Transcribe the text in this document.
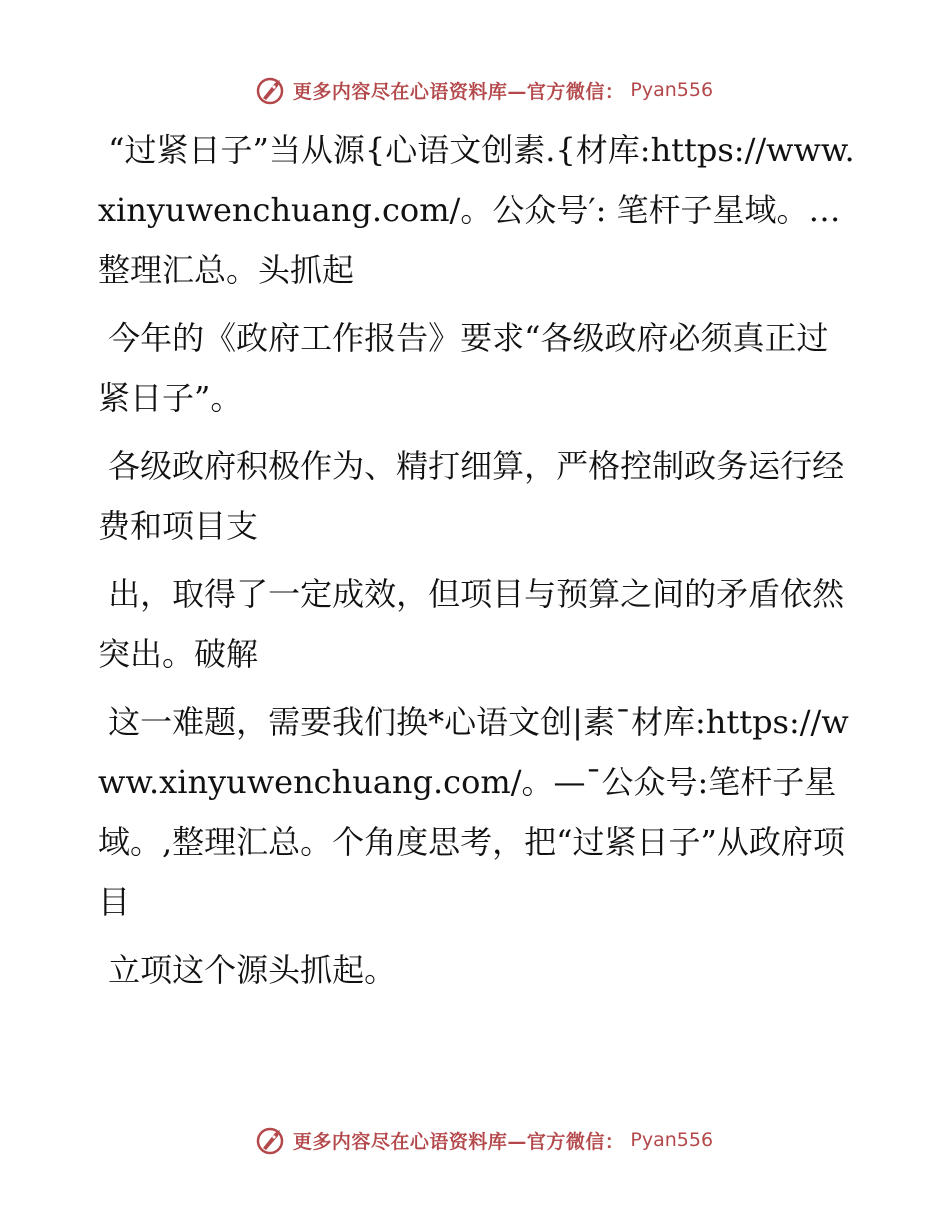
更多内容尽在心语资料库—官方微信： Pyan556

“过紧日子”当从源{心语文创素.{材库:https://www.xinyuwenchuang.com/。公众号′: 笔杆子星域。…整理汇总。头抓起

今年的《政府工作报告》要求“各级政府必须真正过紧日子”。

各级政府积极作为、精打细算，严格控制政务运行经费和项目支

出，取得了一定成效，但项目与预算之间的矛盾依然突出。破解

这一难题，需要我们换*心语文创|素¯材库:https://www.xinyuwenchuang.com/。—¯公众号:笔杆子星域。,整理汇总。个角度思考，把“过紧日子”从政府项目

立项这个源头抓起。

更多内容尽在心语资料库—官方微信： Pyan556
